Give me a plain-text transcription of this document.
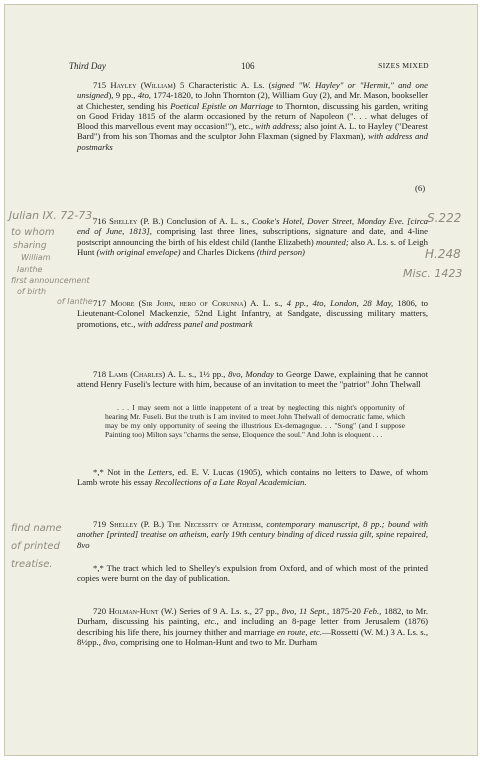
Third Day	106	SIZES MIXED
715 Hayley (William) 5 Characteristic A. Ls. (signed "W. Hayley" or "Hermit," and one unsigned), 9 pp., 4to, 1774-1820, to John Thornton (2), William Guy (2), and Mr. Mason, bookseller at Chichester, sending his Poetical Epistle on Marriage to Thornton, discussing his garden, writing on Good Friday 1815 of the alarm occasioned by the return of Napoleon (". . . what deluges of Blood this marvellous event may occasion!"), etc., with address; also joint A. L. to Hayley ("Dearest Bard") from his son Thomas and the sculptor John Flaxman (signed by Flaxman), with address and postmarks
(6)
716 Shelley (P. B.) Conclusion of A. L. s., Cooke's Hotel, Dover Street, Monday Eve. [circa end of June, 1813], comprising last three lines, subscriptions, signature and date, and 4-line postscript announcing the birth of his eldest child (Ianthe Elizabeth) mounted; also A. Ls. s. of Leigh Hunt (with original envelope) and Charles Dickens (third person)
717 Moore (Sir John, hero of Corunna) A. L. s., 4 pp., 4to, London, 28 May, 1806, to Lieutenant-Colonel Mackenzie, 52nd Light Infantry, at Sandgate, discussing military matters, promotions, etc., with address panel and postmark
718 Lamb (Charles) A. L. s., 1½ pp., 8vo, Monday to George Dawe, explaining that he cannot attend Henry Fuseli's lecture with him, because of an invitation to meet the "patriot" John Thelwall
. . . I may seem not a little inappetent of a treat by neglecting this night's opportunity of hearing Mr. Fuseli. But the truth is I am invited to meet John Thelwall of democratic fame, which may be my only opportunity of seeing the illustrious Ex-demagogue. . . "Song" (and I suppose Painting too) Milton says "charms the sense, Eloquence the soul." And John is eloquent . . .
*,* Not in the Letters, ed. E. V. Lucas (1905), which contains no letters to Dawe, of whom Lamb wrote his essay Recollections of a Late Royal Academician.
719 Shelley (P. B.) The Necessity of Atheism, contemporary manuscript, 8 pp.; bound with another [printed] treatise on atheism, early 19th century binding of diced russia gilt, spine repaired, 8vo
*,* The tract which led to Shelley's expulsion from Oxford, and of which most of the printed copies were burnt on the day of publication.
720 Holman-Hunt (W.) Series of 9 A. Ls. s., 27 pp., 8vo, 11 Sept., 1875-20 Feb., 1882, to Mr. Durham, discussing his painting, etc., and including an 8-page letter from Jerusalem (1876) describing his life there, his journey thither and marriage en route, etc.—Rossetti (W. M.) 3 A. Ls. s., 8½pp., 8vo, comprising one to Holman-Hunt and two to Mr. Durham
Julian IX. 72-73.
to whom
sharing
William
Ianthe
first announcement
of birth
of Ianthe
S.222
H.248
Misc. 1423
find name
of printed
treatise.
